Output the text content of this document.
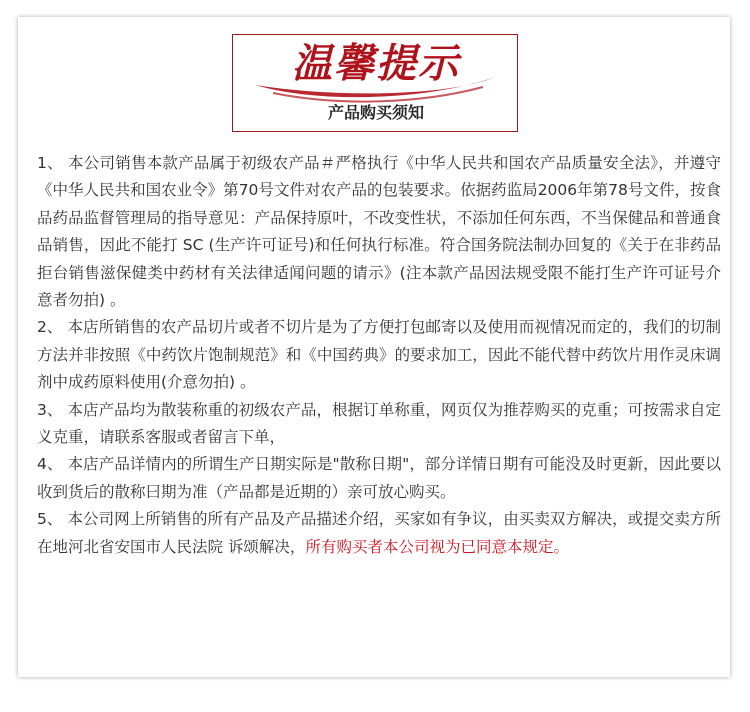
温馨提示
产品购买须知

1、 本公司销售本款产品属于初级农产品＃严格执行《中华人民共和国农产品质量安全法》，并遵守《中华人民共和国农业令》第70号文件对农产品的包装要求。依据药监局2006年第78号文件，按食品药品监督管理局的指导意见：产品保持原叶，不改变性状，不添加任何东西，不当保健品和普通食品销售，因此不能打 SC (生产许可证号)和任何执行标准。符合国务院法制办回复的《关于在非药品拒台销售滋保健类中药材有关法律适闻问题的请示》(注本款产品因法规受限不能打生产许可证号介意者勿拍) 。

2、 本店所销售的农产品切片或者不切片是为了方便打包邮寄以及使用而视情况而定的，我们的切制方法并非按照《中药饮片饱制规范》和《中国药典》的要求加工，因此不能代替中药饮片用作灵床调剂中成药原料使用(介意勿拍) 。

3、 本店产品均为散装称重的初级农产品，根据订单称重，网页仅为推荐购买的克重；可按需求自定义克重，请联系客服或者留言下单，

4、 本店产品详情内的所谓生产日期实际是"散称日期"，部分详情日期有可能没及时更新，因此要以收到货后的散称曰期为准（产品都是近期的）亲可放心购买。

5、 本公司网上所销售的所有产品及产品描述介绍，买家如有争议，由买卖双方解决，或提交卖方所在地河北省安国市人民法院 诉颂解决，所有购买者本公司视为已同意本规定。
